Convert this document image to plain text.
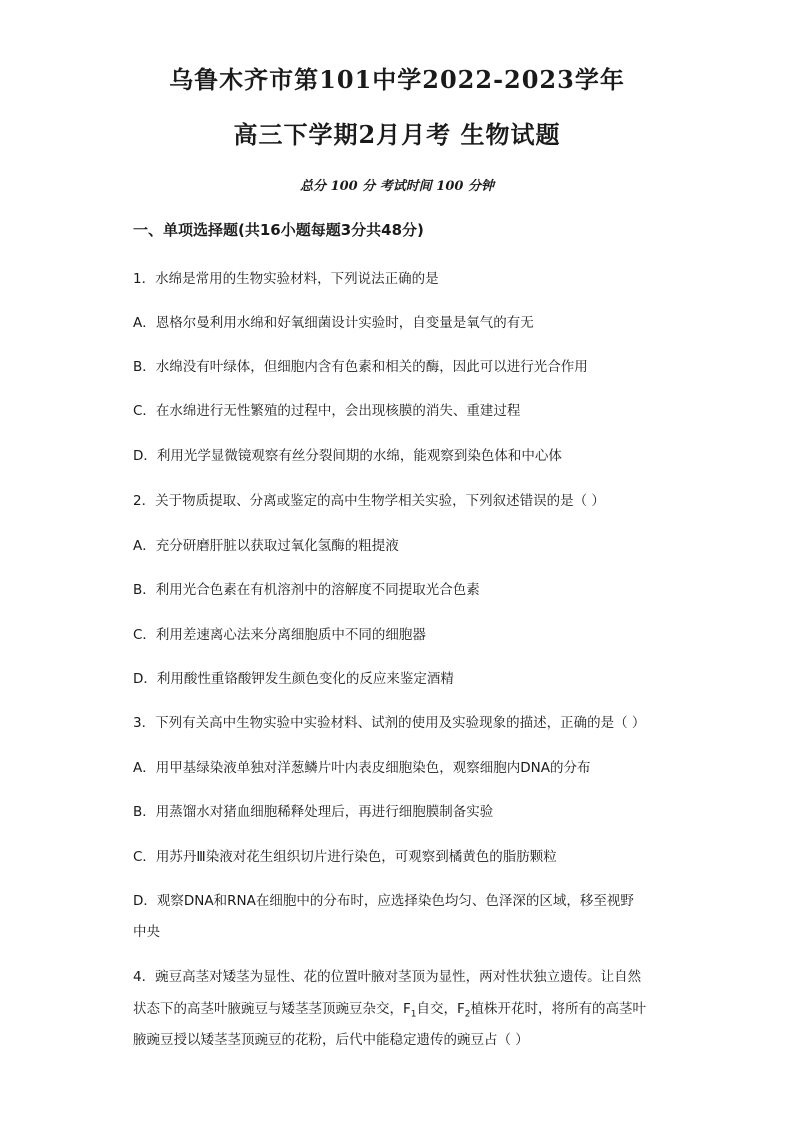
乌鲁木齐市第101中学2022-2023学年
高三下学期2月月考 生物试题
总分 100 分 考试时间 100 分钟
一、单项选择题(共16小题每题3分共48分)
1．水绵是常用的生物实验材料，下列说法正确的是
A．恩格尔曼利用水绵和好氧细菌设计实验时，自变量是氧气的有无
B．水绵没有叶绿体，但细胞内含有色素和相关的酶，因此可以进行光合作用
C．在水绵进行无性繁殖的过程中，会出现核膜的消失、重建过程
D．利用光学显微镜观察有丝分裂间期的水绵，能观察到染色体和中心体
2．关于物质提取、分离或鉴定的高中生物学相关实验，下列叙述错误的是（ ）
A．充分研磨肝脏以获取过氧化氢酶的粗提液
B．利用光合色素在有机溶剂中的溶解度不同提取光合色素
C．利用差速离心法来分离细胞质中不同的细胞器
D．利用酸性重铬酸钾发生颜色变化的反应来鉴定酒精
3．下列有关高中生物实验中实验材料、试剂的使用及实验现象的描述，正确的是（ ）
A．用甲基绿染液单独对洋葱鳞片叶内表皮细胞染色，观察细胞内DNA的分布
B．用蒸馏水对猪血细胞稀释处理后，再进行细胞膜制备实验
C．用苏丹Ⅲ染液对花生组织切片进行染色，可观察到橘黄色的脂肪颗粒
D．观察DNA和RNA在细胞中的分布时，应选择染色均匀、色泽深的区域，移至视野
中央
4．豌豆高茎对矮茎为显性、花的位置叶腋对茎顶为显性，两对性状独立遗传。让自然
状态下的高茎叶腋豌豆与矮茎茎顶豌豆杂交，$F_1$自交，$F_2$植株开花时，将所有的高茎叶
腋豌豆授以矮茎茎顶豌豆的花粉，后代中能稳定遗传的豌豆占（ ）
